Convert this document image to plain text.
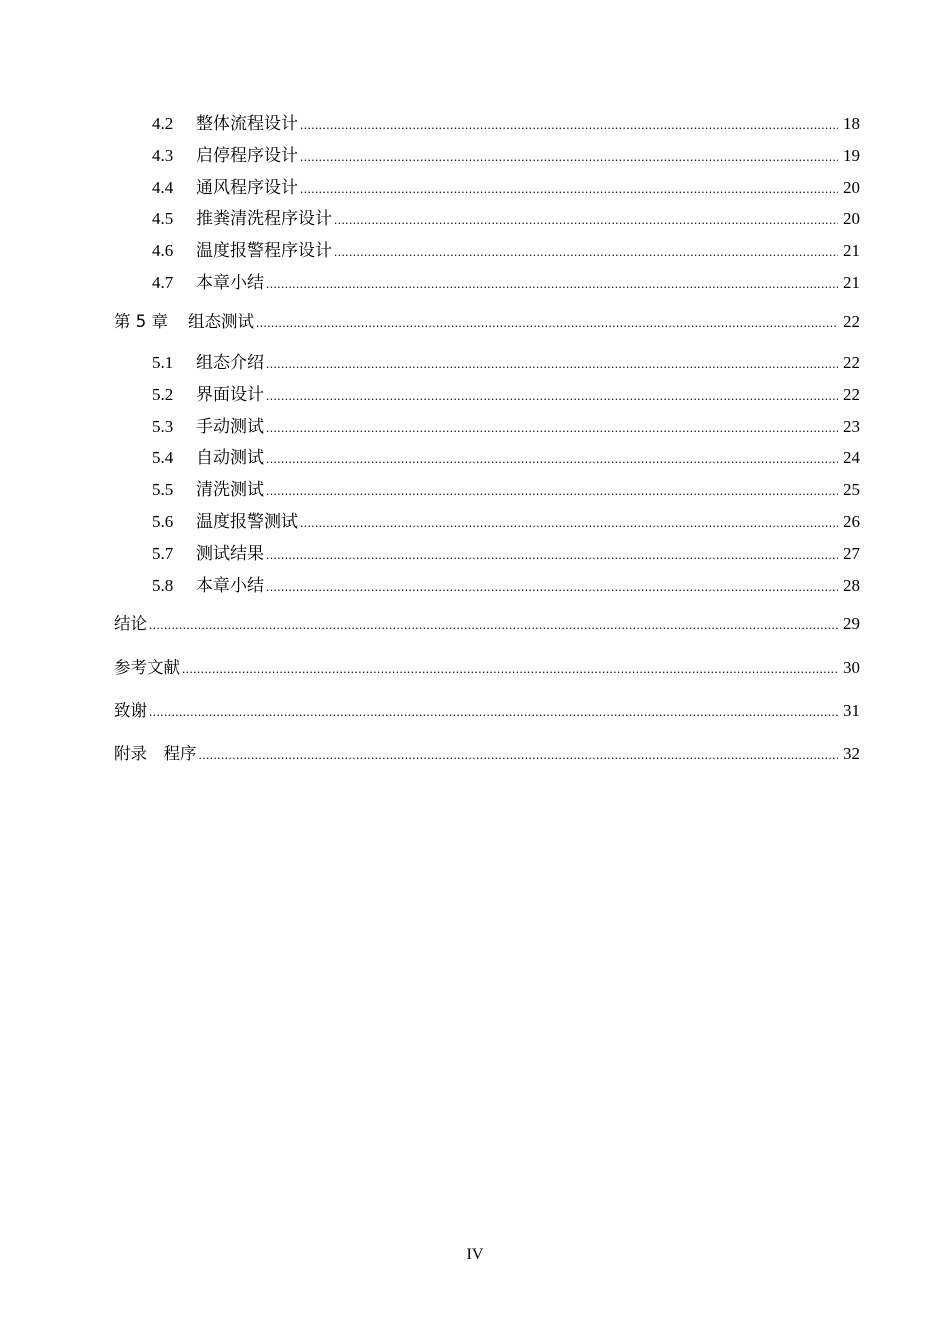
4.2	整体流程设计 .....	18
4.3	启停程序设计 .....	19
4.4	通风程序设计 .....	20
4.5	推粪清洗程序设计 .....	20
4.6	温度报警程序设计 .....	21
4.7	本章小结 .....	21
第 5 章 组态测试 .....	22
5.1	组态介绍 .....	22
5.2	界面设计 .....	22
5.3	手动测试 .....	23
5.4	自动测试 .....	24
5.5	清洗测试 .....	25
5.6	温度报警测试 .....	26
5.7	测试结果 .....	27
5.8	本章小结 .....	28
结论 .....	29
参考文献 .....	30
致谢 .....	31
附录　程序 .....	32
IV
